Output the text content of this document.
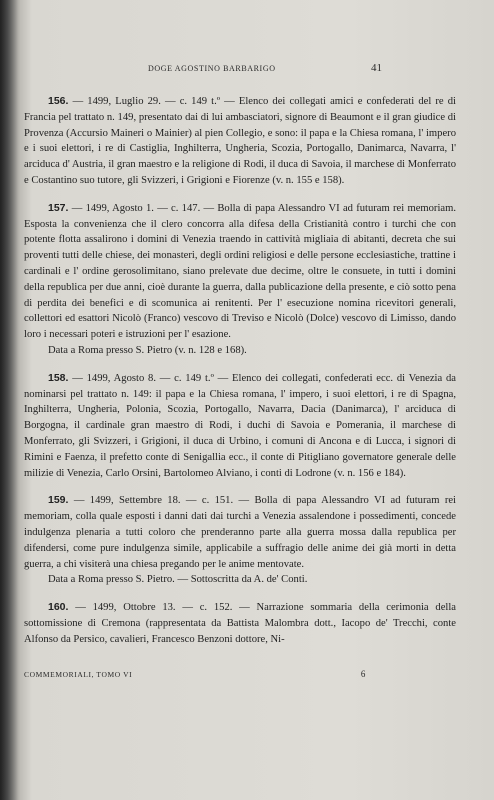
DOGE AGOSTINO BARBARIGO	41
156. — 1499, Luglio 29. — c. 149 t.º — Elenco dei collegati amici e confederati del re di Francia pel trattato n. 149, presentato dai di lui ambasciatori, signore di Beaumont e il gran giudice di Provenza (Accursio Maineri o Mainier) al pien Collegio, e sono: il papa e la Chiesa romana, l' impero e i suoi elettori, i re di Castiglia, Inghilterra, Ungheria, Scozia, Portogallo, Danimarca, Navarra, l' arciduca d' Austria, il gran maestro e la religione di Rodi, il duca di Savoia, il marchese di Monferrato e Costantino suo tutore, gli Svizzeri, i Grigioni e Fiorenze (v. n. 155 e 158).
157. — 1499, Agosto 1. — c. 147. — Bolla di papa Alessandro VI ad futuram rei memoriam. Esposta la convenienza che il clero concorra alla difesa della Cristianità contro i turchi che con potente flotta assalirono i domini di Venezia traendo in cattività migliaia di abitanti, decreta che sui proventi tutti delle chiese, dei monasteri, degli ordini religiosi e delle persone ecclesiastiche, trattine i cardinali e l' ordine gerosolimitano, siano prelevate due decime, oltre le consuete, in tutti i domini della republica per due anni, cioè durante la guerra, dalla publicazione della presente, e ciò sotto pena di perdita dei benefici e di scomunica ai renitenti. Per l' esecuzione nomina ricevitori generali, collettori ed esattori Nicolò (Franco) vescovo di Treviso e Nicolò (Dolce) vescovo di Limisso, dando loro i necessari poteri e istruzioni per l' esazione.
Data a Roma presso S. Pietro (v. n. 128 e 168).
158. — 1499, Agosto 8. — c. 149 t.º — Elenco dei collegati, confederati ecc. di Venezia da nominarsi pel trattato n. 149: il papa e la Chiesa romana, l' impero, i suoi elettori, i re di Spagna, Inghilterra, Ungheria, Polonia, Scozia, Portogallo, Navarra, Dacia (Danimarca), l' arciduca di Borgogna, il cardinale gran maestro di Rodi, i duchi di Savoia e Pomerania, il marchese di Monferrato, gli Svizzeri, i Grigioni, il duca di Urbino, i comuni di Ancona e di Lucca, i signori di Rimini e Faenza, il prefetto conte di Senigallia ecc., il conte di Pitigliano governatore generale delle milizie di Venezia, Carlo Orsini, Bartolomeo Alviano, i conti di Lodrone (v. n. 156 e 184).
159. — 1499, Settembre 18. — c. 151. — Bolla di papa Alessandro VI ad futuram rei memoriam, colla quale esposti i danni dati dai turchi a Venezia assalendone i possedimenti, concede indulgenza plenaria a tutti coloro che prenderanno parte alla guerra mossa dalla republica per difendersi, come pure indulgenza simile, applicabile a suffragio delle anime dei già morti in detta guerra, a chi visiterà una chiesa pregando per le anime mentovate.
Data a Roma presso S. Pietro. — Sottoscritta da A. de' Conti.
160. — 1499, Ottobre 13. — c. 152. — Narrazione sommaria della cerimonia della sottomissione di Cremona (rappresentata da Battista Malombra dott., Iacopo de' Trecchi, conte Alfonso da Persico, cavalieri, Francesco Benzoni dottore, Ni-
COMMEMORIALI, TOMO VI	6
